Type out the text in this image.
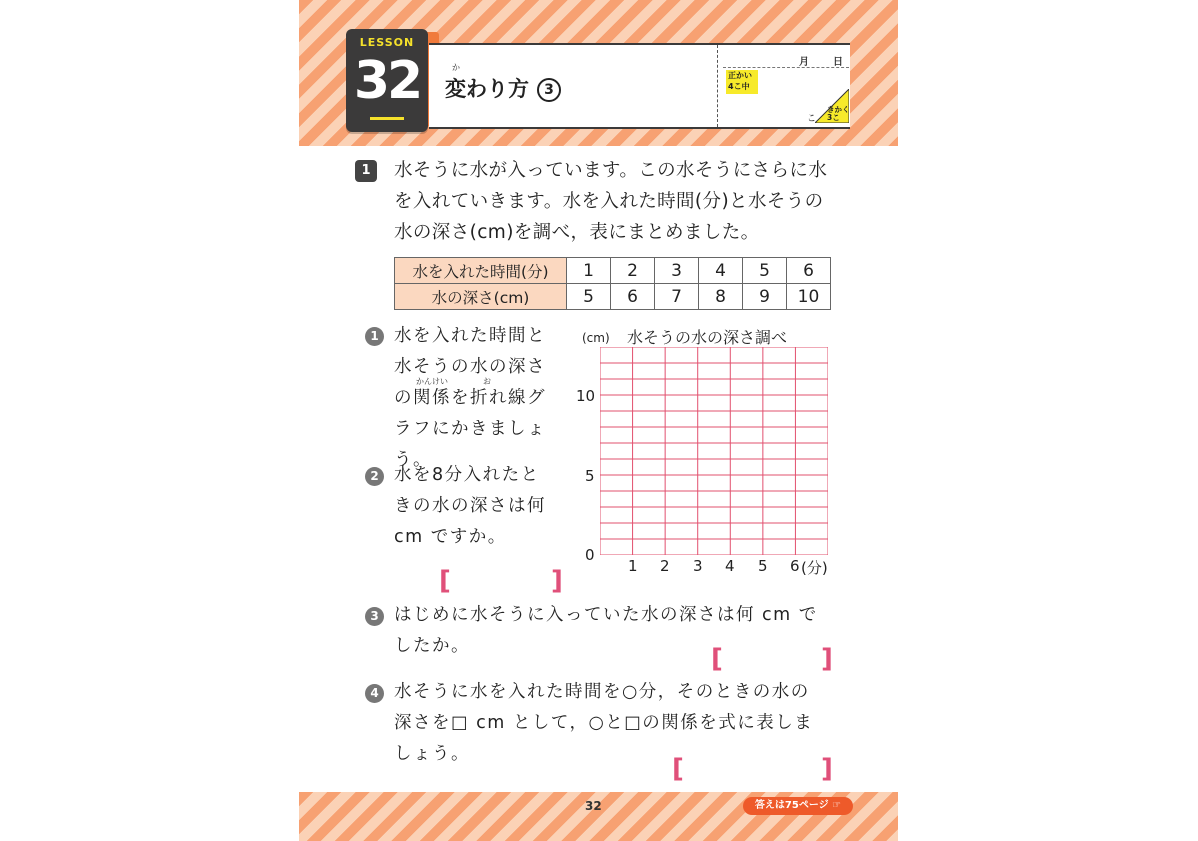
LESSON
32	か
変わり方 3
月 日
正かい
4こ中
こ
きかく
3こ
1	水そうに水が入っています。この水そうにさらに水を入れていきます。水を入れた時間(分)と水そうの水の深さ(cm)を調べ，表にまとめました。
水を入れた時間(分)	1	2	3	4	5	6
水の深さ(cm)	5	6	7	8	9	10
1 水を入れた時間と
水そうの水の深さ
の関係を折れ線グ
ラフにかきましょう。
かんけい	お
2 水を8分入れたと
きの水の深さは何
cm ですか。
[	]
水そうの水の深さ調べ
(cm)
10
5
0
1 2 3 4 5 6 (分)
3 はじめに水そうに入っていた水の深さは何 cm で
したか。	[	]
4 水そうに水を入れた時間を○分，そのときの水の
深さを□ cm として，○と□の関係を式に表しま
しょう。	[	]
32	答えは75ページ ☞
